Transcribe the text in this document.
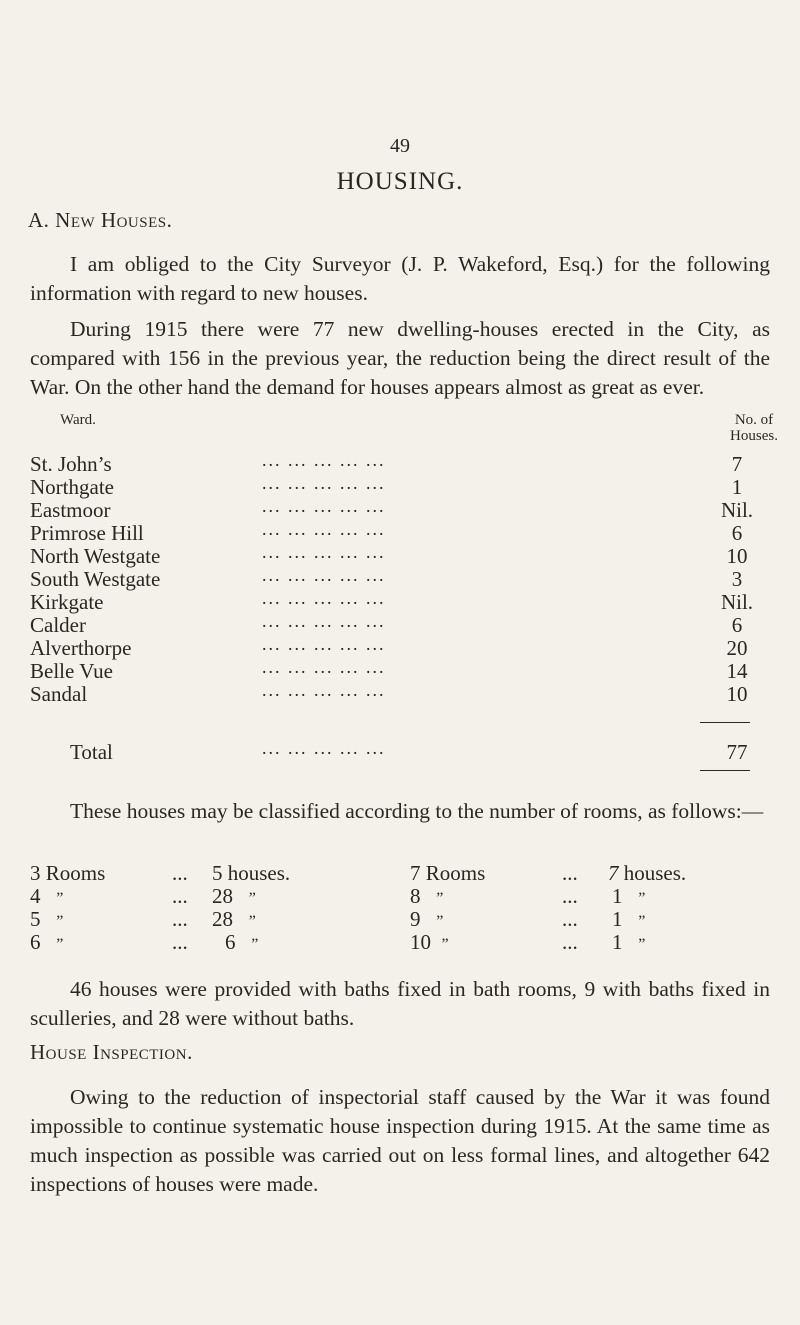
49
HOUSING.
A. New Houses.

I am obliged to the City Surveyor (J. P. Wakeford, Esq.) for the following information with regard to new houses.

During 1915 there were 77 new dwelling-houses erected in the City, as compared with 156 in the previous year, the reduction being the direct result of the War. On the other hand the demand for houses appears almost as great as ever.

Ward.	No. of Houses.
St. John’s	... ... ... ... ...	7
Northgate	... ... ... ... ...	1
Eastmoor	... ... ... ... ...	Nil.
Primrose Hill	... ... ... ... ...	6
North Westgate	... ... ... ... ...	10
South Westgate	... ... ... ... ...	3
Kirkgate	... ... ... ... ...	Nil.
Calder	... ... ... ... ...	6
Alverthorpe	... ... ... ... ...	20
Belle Vue	... ... ... ... ...	14
Sandal	... ... ... ... ...	10
Total	... ... ... ... ...	77

These houses may be classified according to the number of rooms, as follows:—

3 Rooms	... 5 houses.
4 ”	... 28 ”
5 ”	... 28 ”
6 ”	... 6 ”
7 Rooms	... 7 houses.
8 ”	... 1 ”
9 ”	... 1 ”
10 ”	... 1 ”

46 houses were provided with baths fixed in bath rooms, 9 with baths fixed in sculleries, and 28 were without baths.

House Inspection.

Owing to the reduction of inspectorial staff caused by the War it was found impossible to continue systematic house inspection during 1915. At the same time as much inspection as possible was carried out on less formal lines, and altogether 642 inspections of houses were made.
